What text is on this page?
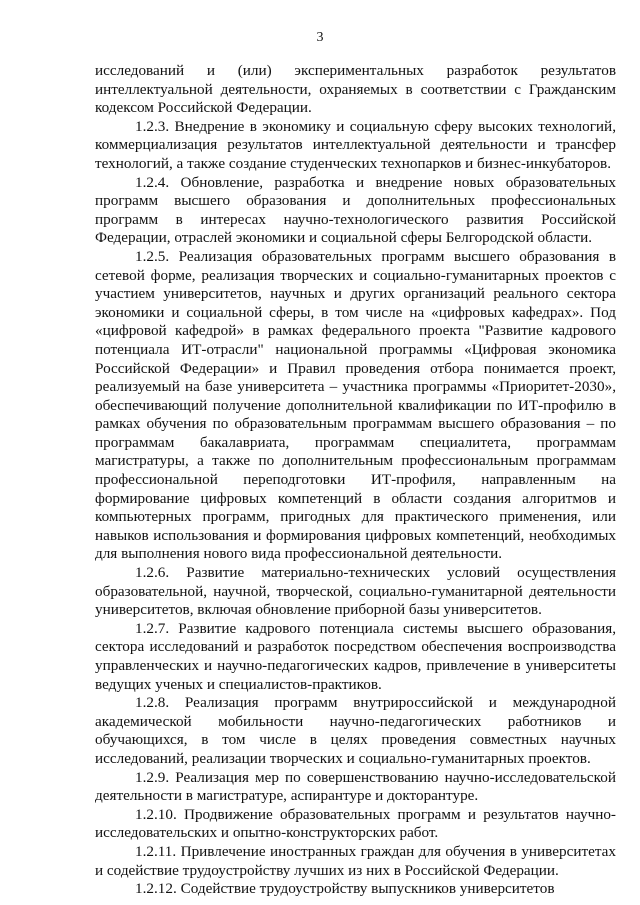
3

исследований и (или) экспериментальных разработок результатов интеллектуальной деятельности, охраняемых в соответствии с Гражданским кодексом Российской Федерации.

1.2.3. Внедрение в экономику и социальную сферу высоких технологий, коммерциализация результатов интеллектуальной деятельности и трансфер технологий, а также создание студенческих технопарков и бизнес-инкубаторов.

1.2.4. Обновление, разработка и внедрение новых образовательных программ высшего образования и дополнительных профессиональных программ в интересах научно-технологического развития Российской Федерации, отраслей экономики и социальной сферы Белгородской области.

1.2.5. Реализация образовательных программ высшего образования в сетевой форме, реализация творческих и социально-гуманитарных проектов с участием университетов, научных и других организаций реального сектора экономики и социальной сферы, в том числе на «цифровых кафедрах». Под «цифровой кафедрой» в рамках федерального проекта "Развитие кадрового потенциала ИТ-отрасли" национальной программы «Цифровая экономика Российской Федерации» и Правил проведения отбора понимается проект, реализуемый на базе университета – участника программы «Приоритет-2030», обеспечивающий получение дополнительной квалификации по ИТ-профилю в рамках обучения по образовательным программам высшего образования – по программам бакалавриата, программам специалитета, программам магистратуры, а также по дополнительным профессиональным программам профессиональной переподготовки ИТ-профиля, направленным на формирование цифровых компетенций в области создания алгоритмов и компьютерных программ, пригодных для практического применения, или навыков использования и формирования цифровых компетенций, необходимых для выполнения нового вида профессиональной деятельности.

1.2.6. Развитие материально-технических условий осуществления образовательной, научной, творческой, социально-гуманитарной деятельности университетов, включая обновление приборной базы университетов.

1.2.7. Развитие кадрового потенциала системы высшего образования, сектора исследований и разработок посредством обеспечения воспроизводства управленческих и научно-педагогических кадров, привлечение в университеты ведущих ученых и специалистов-практиков.

1.2.8. Реализация программ внутрироссийской и международной академической мобильности научно-педагогических работников и обучающихся, в том числе в целях проведения совместных научных исследований, реализации творческих и социально-гуманитарных проектов.

1.2.9. Реализация мер по совершенствованию научно-исследовательской деятельности в магистратуре, аспирантуре и докторантуре.

1.2.10. Продвижение образовательных программ и результатов научно-исследовательских и опытно-конструкторских работ.

1.2.11. Привлечение иностранных граждан для обучения в университетах и содействие трудоустройству лучших из них в Российской Федерации.

1.2.12. Содействие трудоустройству выпускников университетов
